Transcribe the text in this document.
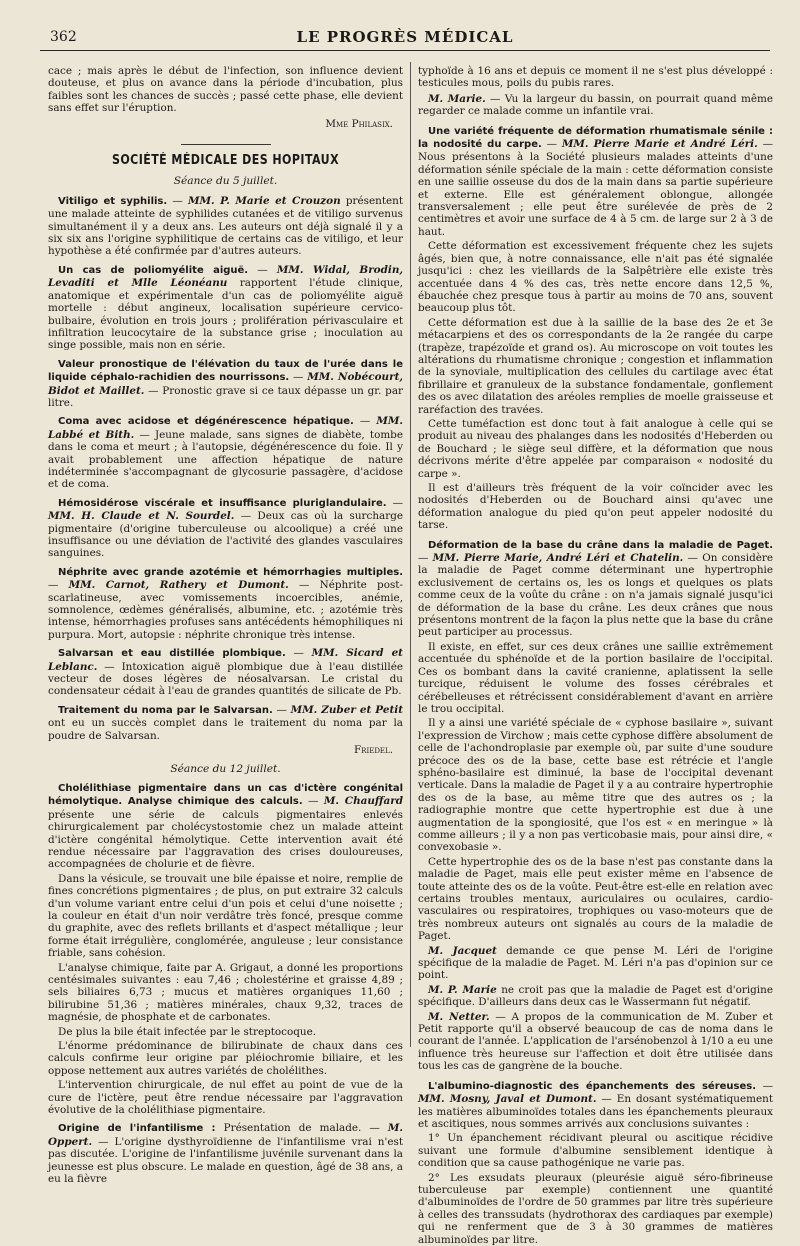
362	LE PROGRÈS MÉDICAL

cace ; mais après le début de l'infection, son influence devient douteuse, et plus on avance dans la période d'incubation, plus faibles sont les chances de succès ; passé cette phase, elle devient sans effet sur l'éruption.

Mme Philasix.

SOCIÉTÉ MÉDICALE DES HOPITAUX
Séance du 5 juillet.

Vitiligo et syphilis. — MM. P. Marie et Crouzon présentent une malade atteinte de syphilides cutanées et de vitiligo survenus simultanément il y a deux ans. Les auteurs ont déjà signalé il y a six six ans l'origine syphilitique de certains cas de vitiligo, et leur hypothèse a été confirmée par d'autres auteurs.

Un cas de poliomyélite aiguë. — MM. Widal, Brodin, Levaditi et Mlle Léonéanu rapportent l'étude clinique, anatomique et expérimentale d'un cas de poliomyélite aiguë mortelle : début angineux, localisation supérieure cervico-bulbaire, évolution en trois jours ; prolifération périvasculaire et infiltration leucocytaire de la substance grise ; inoculation au singe possible, mais non en série.

Valeur pronostique de l'élévation du taux de l'urée dans le liquide céphalo-rachidien des nourrissons. — MM. Nobécourt, Bidot et Maillet. — Pronostic grave si ce taux dépasse un gr. par litre.

Coma avec acidose et dégénérescence hépatique. — MM. Labbé et Bith. — Jeune malade, sans signes de diabète, tombe dans le coma et meurt ; à l'autopsie, dégénérescence du foie. Il y avait probablement une affection hépatique de nature indéterminée s'accompagnant de glycosurie passagère, d'acidose et de coma.

Hémosidérose viscérale et insuffisance pluriglandulaire. — MM. H. Claude et N. Sourdel. — Deux cas où la surcharge pigmentaire (d'origine tuberculeuse ou alcoolique) a créé une insuffisance ou une déviation de l'activité des glandes vasculaires sanguines.

Néphrite avec grande azotémie et hémorrhagies multiples. — MM. Carnot, Rathery et Dumont. — Néphrite post-scarlatineuse, avec vomissements incoercibles, anémie, somnolence, œdèmes généralisés, albumine, etc. ; azotémie très intense, hémorrhagies profuses sans antécédents hémophiliques ni purpura. Mort, autopsie : néphrite chronique très intense.

Salvarsan et eau distillée plombique. — MM. Sicard et Leblanc. — Intoxication aiguë plombique due à l'eau distillée vecteur de doses légères de néosalvarsan. Le cristal du condensateur cédait à l'eau de grandes quantités de silicate de Pb.

Traitement du noma par le Salvarsan. — MM. Zuber et Petit ont eu un succès complet dans le traitement du noma par la poudre de Salvarsan.

Friedel.

Séance du 12 juillet.

Cholélithiase pigmentaire dans un cas d'ictère congénital hémolytique. Analyse chimique des calculs. — M. Chauffard présente une série de calculs pigmentaires enlevés chirurgicalement par cholécystostomie chez un malade atteint d'ictère congénital hémolytique. Cette intervention avait été rendue nécessaire par l'aggravation des crises douloureuses, accompagnées de cholurie et de fièvre.

Dans la vésicule, se trouvait une bile épaisse et noire, remplie de fines concrétions pigmentaires ; de plus, on put extraire 32 calculs d'un volume variant entre celui d'un pois et celui d'une noisette ; la couleur en était d'un noir verdâtre très foncé, presque comme du graphite, avec des reflets brillants et d'aspect métallique ; leur forme était irrégulière, conglomérée, anguleuse ; leur consistance friable, sans cohésion.

L'analyse chimique, faite par A. Grigaut, a donné les proportions centésimales suivantes : eau 7,46 ; cholestérine et graisse 4,89 ; sels biliaires 6,73 ; mucus et matières organiques 11,60 ; bilirubine 51,36 ; matières minérales, chaux 9,32, traces de magnésie, de phosphate et de carbonates.

De plus la bile était infectée par le streptocoque.

L'énorme prédominance de bilirubinate de chaux dans ces calculs confirme leur origine par pléiochromie biliaire, et les oppose nettement aux autres variétés de cholélithes.

L'intervention chirurgicale, de nul effet au point de vue de la cure de l'ictère, peut être rendue nécessaire par l'aggravation évolutive de la cholélithiase pigmentaire.

Origine de l'infantilisme : Présentation de malade. — M. Oppert. — L'origine dysthyroïdienne de l'infantilisme vrai n'est pas discutée. L'origine de l'infantilisme juvénile survenant dans la jeunesse est plus obscure. Le malade en question, âgé de 38 ans, a eu la fièvre

typhoïde à 16 ans et depuis ce moment il ne s'est plus développé : testicules mous, poils du pubis rares.

M. Marie. — Vu la largeur du bassin, on pourrait quand même regarder ce malade comme un infantile vrai.

Une variété fréquente de déformation rhumatismale sénile : la nodosité du carpe. — MM. Pierre Marie et André Léri. — Nous présentons à la Société plusieurs malades atteints d'une déformation sénile spéciale de la main : cette déformation consiste en une saillie osseuse du dos de la main dans sa partie supérieure et externe. Elle est généralement oblongue, allongée transversalement ; elle peut être surélevée de près de 2 centimètres et avoir une surface de 4 à 5 cm. de large sur 2 à 3 de haut.

Cette déformation est excessivement fréquente chez les sujets âgés, bien que, à notre connaissance, elle n'ait pas été signalée jusqu'ici : chez les vieillards de la Salpêtrière elle existe très accentuée dans 4 % des cas, très nette encore dans 12,5 %, ébauchée chez presque tous à partir au moins de 70 ans, souvent beaucoup plus tôt.

Cette déformation est due à la saillie de la base des 2e et 3e métacarpiens et des os correspondants de la 2e rangée du carpe (trapèze, trapézoïde et grand os). Au microscope on voit toutes les altérations du rhumatisme chronique ; congestion et inflammation de la synoviale, multiplication des cellules du cartilage avec état fibrillaire et granuleux de la substance fondamentale, gonflement des os avec dilatation des aréoles remplies de moelle graisseuse et raréfaction des travées.

Cette tuméfaction est donc tout à fait analogue à celle qui se produit au niveau des phalanges dans les nodosités d'Heberden ou de Bouchard ; le siège seul diffère, et la déformation que nous décrivons mérite d'être appelée par comparaison « nodosité du carpe ».

Il est d'ailleurs très fréquent de la voir coïncider avec les nodosités d'Heberden ou de Bouchard ainsi qu'avec une déformation analogue du pied qu'on peut appeler nodosité du tarse.

Déformation de la base du crâne dans la maladie de Paget. — MM. Pierre Marie, André Léri et Chatelin. — On considère la maladie de Paget comme déterminant une hypertrophie exclusivement de certains os, les os longs et quelques os plats comme ceux de la voûte du crâne : on n'a jamais signalé jusqu'ici de déformation de la base du crâne. Les deux crânes que nous présentons montrent de la façon la plus nette que la base du crâne peut participer au processus.

Il existe, en effet, sur ces deux crânes une saillie extrêmement accentuée du sphénoïde et de la portion basilaire de l'occipital. Ces os bombant dans la cavité cranienne, aplatissent la selle turcique, réduisent le volume des fosses cérébrales et cérébelleuses et rétrécissent considérablement d'avant en arrière le trou occipital.

Il y a ainsi une variété spéciale de « cyphose basilaire », suivant l'expression de Virchow ; mais cette cyphose diffère absolument de celle de l'achondroplasie par exemple où, par suite d'une soudure précoce des os de la base, cette base est rétrécie et l'angle sphéno-basilaire est diminué, la base de l'occipital devenant verticale. Dans la maladie de Paget il y a au contraire hypertrophie des os de la base, au même titre que des autres os ; la radiographie montre que cette hypertrophie est due à une augmentation de la spongiosité, que l'os est « en meringue » là comme ailleurs ; il y a non pas verticobasie mais, pour ainsi dire, « convexobasie ».

Cette hypertrophie des os de la base n'est pas constante dans la maladie de Paget, mais elle peut exister même en l'absence de toute atteinte des os de la voûte. Peut-être est-elle en relation avec certains troubles mentaux, auriculaires ou oculaires, cardio-vasculaires ou respiratoires, trophiques ou vaso-moteurs que de très nombreux auteurs ont signalés au cours de la maladie de Paget.

M. Jacquet demande ce que pense M. Léri de l'origine spécifique de la maladie de Paget. M. Léri n'a pas d'opinion sur ce point.

M. P. Marie ne croit pas que la maladie de Paget est d'origine spécifique. D'ailleurs dans deux cas le Wassermann fut négatif.

M. Netter. — A propos de la communication de M. Zuber et Petit rapporte qu'il a observé beaucoup de cas de noma dans le courant de l'année. L'application de l'arsénobenzol à 1/10 a eu une influence très heureuse sur l'affection et doit être utilisée dans tous les cas de gangrène de la bouche.

L'albumino-diagnostic des épanchements des séreuses. — MM. Mosny, Javal et Dumont. — En dosant systématiquement les matières albuminoïdes totales dans les épanchements pleuraux et ascitiques, nous sommes arrivés aux conclusions suivantes :

1° Un épanchement récidivant pleural ou ascitique récidive suivant une formule d'albumine sensiblement identique à condition que sa cause pathogénique ne varie pas.

2° Les exsudats pleuraux (pleurésie aiguë séro-fibrineuse tuberculeuse par exemple) contiennent une quantité d'albuminoïdes de l'ordre de 50 grammes par litre très supérieure à celles des transsudats (hydrothorax des cardiaques par exemple) qui ne renferment que de 3 à 30 grammes de matières albuminoïdes par litre.
